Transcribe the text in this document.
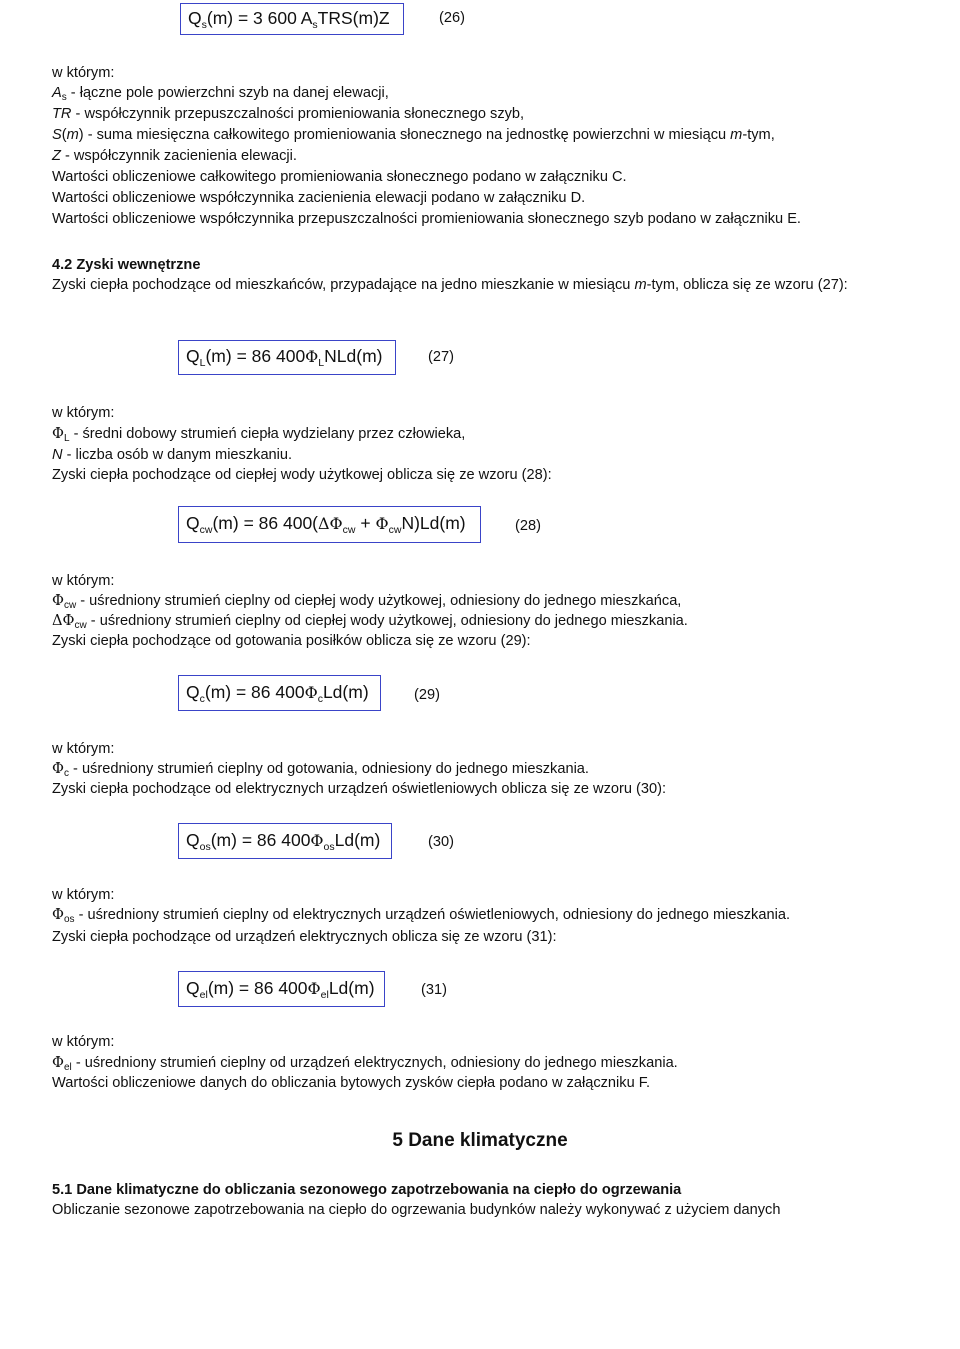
$Q_s(m) = 3$ 600 $A_sTRS(m)Z$	(26)
w którym:
$A_s$ - łączne pole powierzchni szyb na danej elewacji,
TR - współczynnik przepuszczalności promieniowania słonecznego szyb,
S(m) - suma miesięczna całkowitego promieniowania słonecznego na jednostkę powierzchni w miesiącu m-tym,
Z - współczynnik zacienienia elewacji.
Wartości obliczeniowe całkowitego promieniowania słonecznego podano w załączniku C.
Wartości obliczeniowe współczynnika zacienienia elewacji podano w załączniku D.
Wartości obliczeniowe współczynnika przepuszczalności promieniowania słonecznego szyb podano w załączniku E.
4.2 Zyski wewnętrzne
Zyski ciepła pochodzące od mieszkańców, przypadające na jedno mieszkanie w miesiącu m-tym, oblicza się ze wzoru (27):
$Q_L(m) = 86$ $400\Phi_LNLd(m)$	(27)
w którym:
$\Phi_L$ - średni dobowy strumień ciepła wydzielany przez człowieka,
N - liczba osób w danym mieszkaniu.
Zyski ciepła pochodzące od ciepłej wody użytkowej oblicza się ze wzoru (28):
$Q_{cw}(m) = 86$ $400(\Delta\Phi_{cw} + \Phi_{cw}N)Ld(m)$	(28)
w którym:
$\Phi_{cw}$ - uśredniony strumień cieplny od ciepłej wody użytkowej, odniesiony do jednego mieszkańca,
$\Delta\Phi_{cw}$ - uśredniony strumień cieplny od ciepłej wody użytkowej, odniesiony do jednego mieszkania.
Zyski ciepła pochodzące od gotowania posiłków oblicza się ze wzoru (29):
$Q_c(m) = 86$ $400\Phi_cLd(m)$	(29)
w którym:
$\Phi_c$ - uśredniony strumień cieplny od gotowania, odniesiony do jednego mieszkania.
Zyski ciepła pochodzące od elektrycznych urządzeń oświetleniowych oblicza się ze wzoru (30):
$Q_{os}(m) = 86$ $400\Phi_{os}Ld(m)$	(30)
w którym:
$\Phi_{os}$ - uśredniony strumień cieplny od elektrycznych urządzeń oświetleniowych, odniesiony do jednego mieszkania.
Zyski ciepła pochodzące od urządzeń elektrycznych oblicza się ze wzoru (31):
$Q_{el}(m) = 86$ $400\Phi_{el}Ld(m)$	(31)
w którym:
$\Phi_{el}$ - uśredniony strumień cieplny od urządzeń elektrycznych, odniesiony do jednego mieszkania.
Wartości obliczeniowe danych do obliczania bytowych zysków ciepła podano w załączniku F.
5 Dane klimatyczne
5.1 Dane klimatyczne do obliczania sezonowego zapotrzebowania na ciepło do ogrzewania
Obliczanie sezonowe zapotrzebowania na ciepło do ogrzewania budynków należy wykonywać z użyciem danych
